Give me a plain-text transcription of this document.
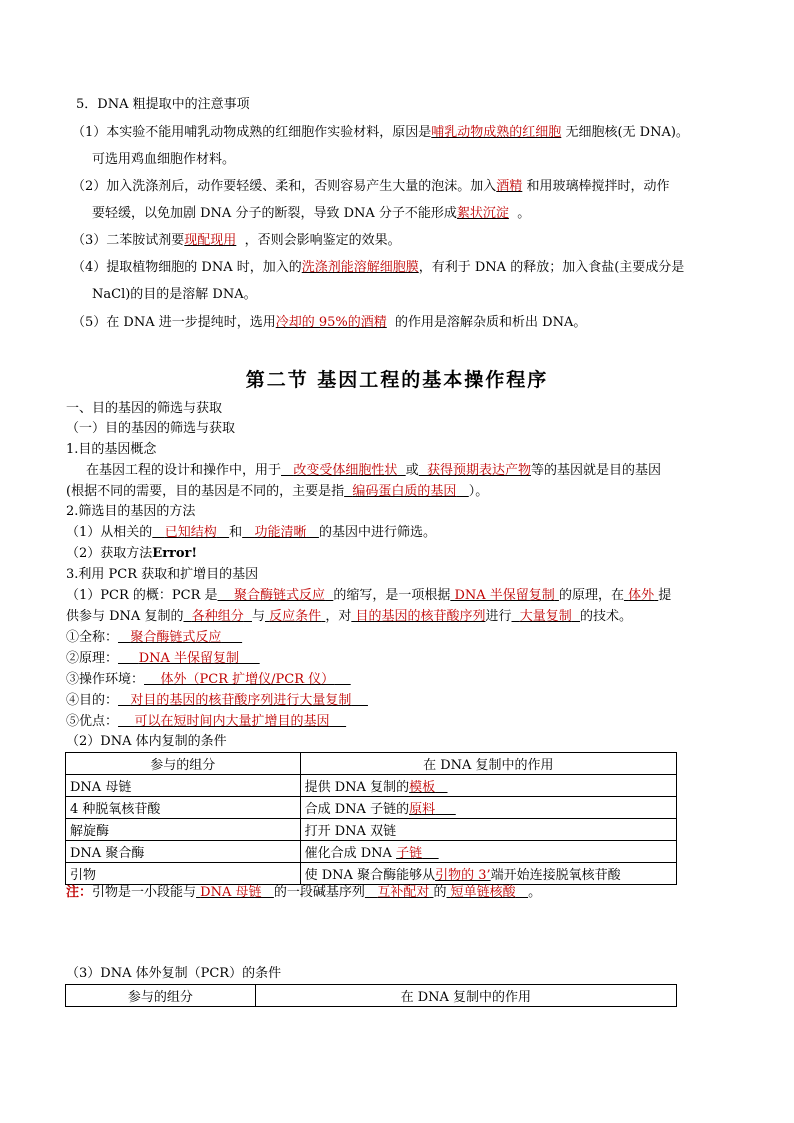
5．DNA 粗提取中的注意事项
（1）本实验不能用哺乳动物成熟的红细胞作实验材料，原因是哺乳动物成熟的红细胞 无细胞核(无 DNA)。
可选用鸡血细胞作材料。
（2）加入洗涤剂后，动作要轻缓、柔和，否则容易产生大量的泡沫。加入酒精 和用玻璃棒搅拌时，动作
要轻缓，以免加剧 DNA 分子的断裂，导致 DNA 分子不能形成絮状沉淀 。
（3）二苯胺试剂要现配现用 ，否则会影响鉴定的效果。
（4）提取植物细胞的 DNA 时，加入的洗涤剂能溶解细胞膜，有利于 DNA 的释放；加入食盐(主要成分是
NaCl)的目的是溶解 DNA。
（5）在 DNA 进一步提纯时，选用冷却的 95%的酒精 的作用是溶解杂质和析出 DNA。
第二节 基因工程的基本操作程序
一、目的基因的筛选与获取
（一）目的基因的筛选与获取
1.目的基因概念
在基因工程的设计和操作中，用于 改变受体细胞性状 或 获得预期表达产物等的基因就是目的基因
(根据不同的需要，目的基因是不同的，主要是指 编码蛋白质的基因 ）。
2.筛选目的基因的方法
（1）从相关的 已知结构 和 功能清晰 的基因中进行筛选。
（2）获取方法Error!
3.利用 PCR 获取和扩增目的基因
（1）PCR 的概：PCR 是 聚合酶链式反应 的缩写，是一项根据 DNA 半保留复制 的原理，在 体外 提
供参与 DNA 复制的 各种组分 与 反应条件 ，对 目的基因的核苷酸序列进行 大量复制 的技术。
①全称： 聚合酶链式反应
②原理： DNA 半保留复制
③操作环境： 体外（PCR 扩增仪/PCR 仪）
④目的： 对目的基因的核苷酸序列进行大量复制
⑤优点： 可以在短时间内大量扩增目的基因
（2）DNA 体内复制的条件
参与的组分	在 DNA 复制中的作用
DNA 母链	提供 DNA 复制的模板
4 种脱氧核苷酸	合成 DNA 子链的原料
解旋酶	打开 DNA 双链
DNA 聚合酶	催化合成 DNA 子链
引物	使 DNA 聚合酶能够从引物的 3’端开始连接脱氧核苷酸
注：引物是一小段能与 DNA 母链 的一段碱基序列 互补配对 的 短单链核酸 。
（3）DNA 体外复制（PCR）的条件
参与的组分	在 DNA 复制中的作用
